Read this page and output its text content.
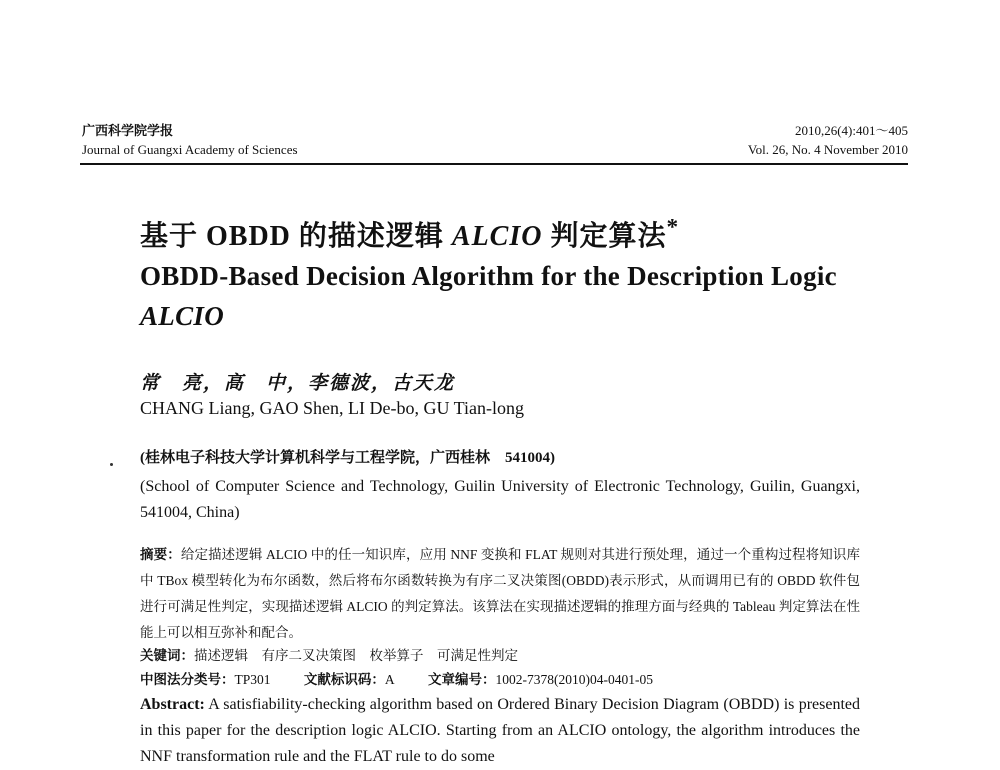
广西科学院学报
Journal of Guangxi Academy of Sciences
2010,26(4):401～405
Vol. 26, No. 4 November 2010
基于 OBDD 的描述逻辑 ALCIO 判定算法*
OBDD-Based Decision Algorithm for the Description Logic ALCIO
常　亮，高　中，李德波，古天龙
CHANG Liang, GAO Shen, LI De-bo, GU Tian-long
(桂林电子科技大学计算机科学与工程学院，广西桂林　541004)
(School of Computer Science and Technology, Guilin University of Electronic Technology, Guilin, Guangxi, 541004, China)
摘要：给定描述逻辑 ALCIO 中的任一知识库，应用 NNF 变换和 FLAT 规则对其进行预处理，通过一个重构过程将知识库中 TBox 模型转化为布尔函数，然后将布尔函数转换为有序二叉决策图(OBDD)表示形式，从而调用已有的 OBDD 软件包进行可满足性判定，实现描述逻辑 ALCIO 的判定算法。该算法在实现描述逻辑的推理方面与经典的 Tableau 判定算法在性能上可以相互弥补和配合。
关键词：描述逻辑　有序二叉决策图　枚举算子　可满足性判定
中图法分类号：TP301 文献标识码：A 文章编号：1002-7378(2010)04-0401-05
Abstract: A satisfiability-checking algorithm based on Ordered Binary Decision Diagram (OBDD) is presented in this paper for the description logic ALCIO. Starting from an ALCIO ontology, the algorithm introduces the NNF transformation rule and the FLAT rule to do some
